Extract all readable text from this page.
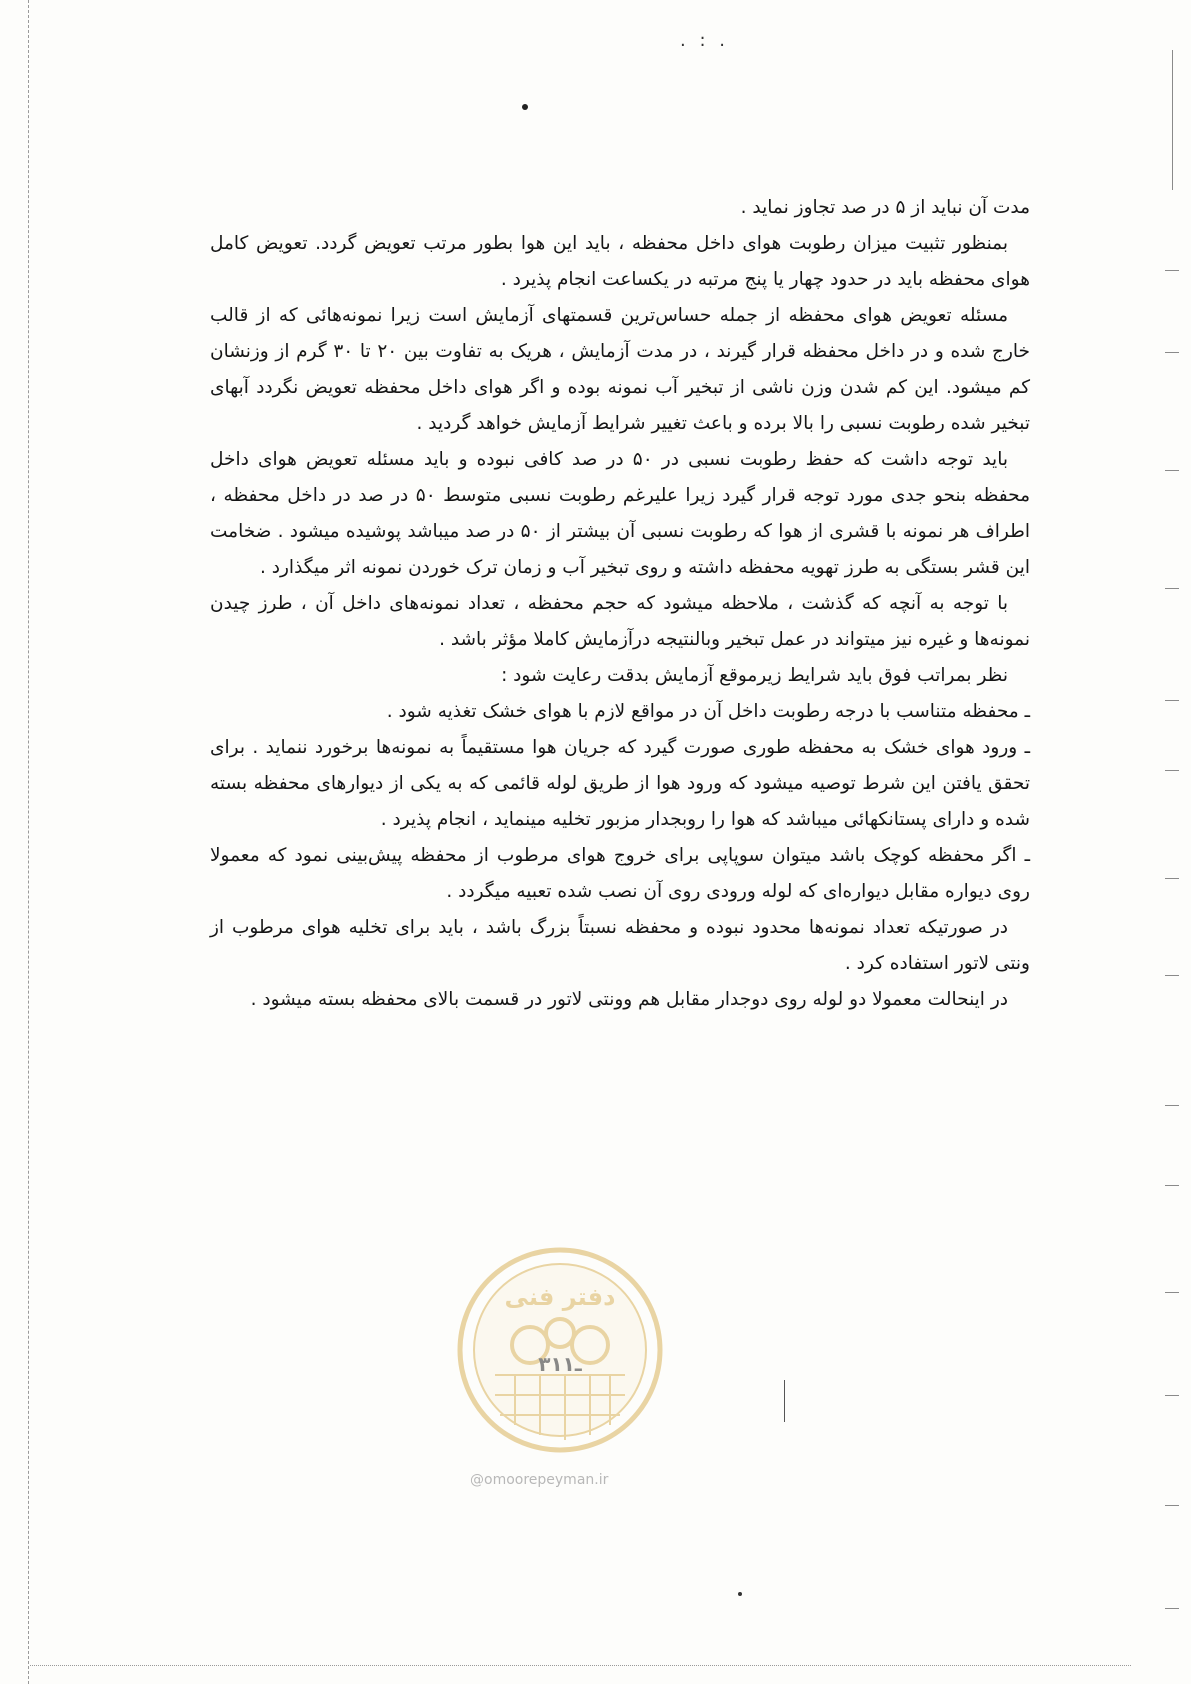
. : .

مدت آن نباید از ۵ در صد تجاوز نماید .

بمنظور تثبیت میزان رطوبت هوای داخل محفظه ، باید این هوا بطور مرتب تعویض گردد. تعویض کامل هوای محفظه باید در حدود چهار یا پنج مرتبه در یکساعت انجام پذیرد .

مسئله تعویض هوای محفظه از جمله حساس‌ترین قسمتهای آزمایش است زیرا نمونه‌هائی که از قالب خارج شده و در داخل محفظه قرار گیرند ، در مدت آزمایش ، هریک به تفاوت بین ۲۰ تا ۳۰ گرم از وزنشان کم میشود. این کم شدن وزن ناشی از تبخیر آب نمونه بوده و اگر هوای داخل محفظه تعویض نگردد آبهای تبخیر شده رطوبت نسبی را بالا برده و باعث تغییر شرایط آزمایش خواهد گردید .

باید توجه داشت که حفظ رطوبت نسبی در ۵۰ در صد کافی نبوده و باید مسئله تعویض هوای داخل محفظه بنحو جدی مورد توجه قرار گیرد زیرا علیرغم رطوبت نسبی متوسط ۵۰ در صد در داخل محفظه ، اطراف هر نمونه با قشری از هوا که رطوبت نسبی آن بیشتر از ۵۰ در صد میباشد پوشیده میشود . ضخامت این قشر بستگی به طرز تهویه محفظه داشته و روی تبخیر آب و زمان ترک خوردن نمونه اثر میگذارد .

با توجه به آنچه که گذشت ، ملاحظه میشود که حجم محفظه ، تعداد نمونه‌های داخل آن ، طرز چیدن نمونه‌ها و غیره نیز میتواند در عمل تبخیر وبالنتیجه درآزمایش کاملا مؤثر باشد .

نظر بمراتب فوق باید شرایط زیرموقع آزمایش بدقت رعایت شود :

ـ محفظه متناسب با درجه رطوبت داخل آن در مواقع لازم با هوای خشک تغذیه شود .

ـ ورود هوای خشک به محفظه طوری صورت گیرد که جریان هوا مستقیماً به نمونه‌ها برخورد ننماید . برای تحقق یافتن این شرط توصیه میشود که ورود هوا از طریق لوله قائمی که به یکی از دیوارهای محفظه بسته شده و دارای پستانکهائی میباشد که هوا را روبجدار مزبور تخلیه مینماید ، انجام پذیرد .

ـ اگر محفظه کوچک باشد میتوان سوپاپی برای خروج هوای مرطوب از محفظه پیش‌بینی نمود که معمولا روی دیواره مقابل دیواره‌ای که لوله ورودی روی آن نصب شده تعبیه میگردد .

در صورتیکه تعداد نمونه‌ها محدود نبوده و محفظه نسبتاً بزرگ باشد ، باید برای تخلیه هوای مرطوب از ونتی لاتور استفاده کرد .

در اینحالت معمولا دو لوله روی دوجدار مقابل هم وونتی لاتور در قسمت بالای محفظه بسته میشود .

دفتر فنی
۳ـ۱۱
@omoorepeyman.ir
